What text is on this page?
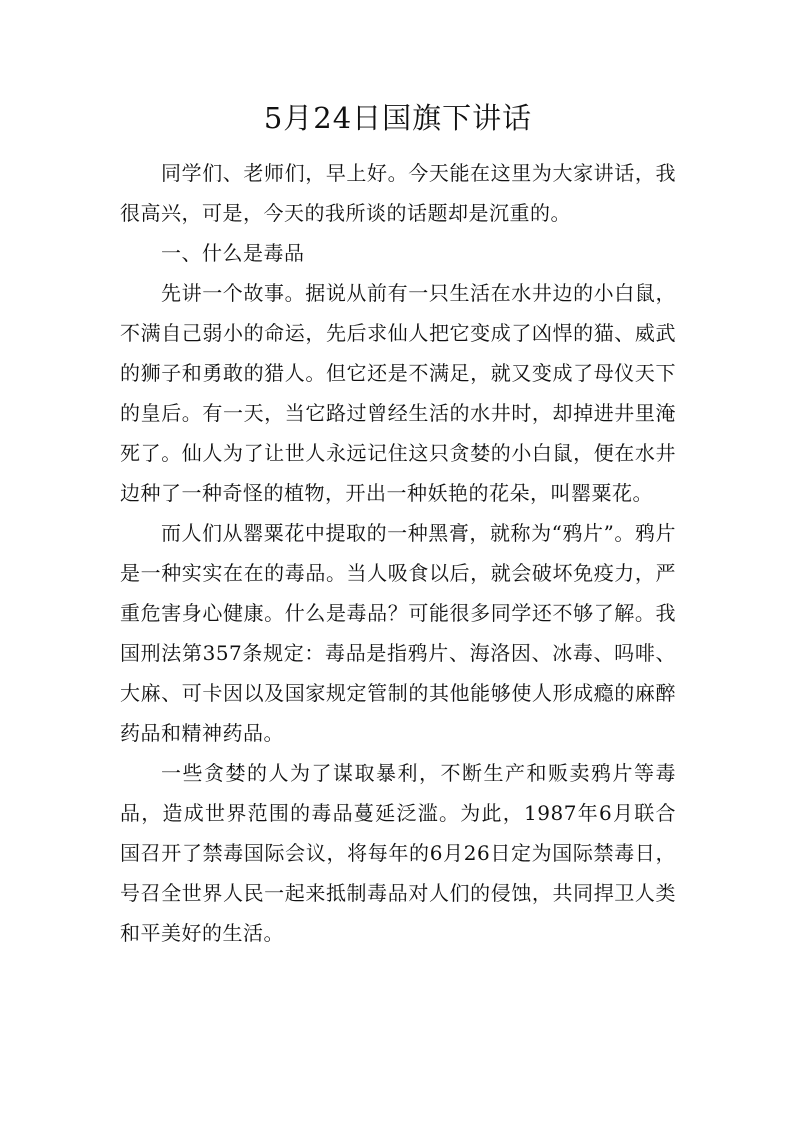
5月24日国旗下讲话

同学们、老师们，早上好。今天能在这里为大家讲话，我很高兴，可是，今天的我所谈的话题却是沉重的。

一、什么是毒品

先讲一个故事。据说从前有一只生活在水井边的小白鼠，不满自己弱小的命运，先后求仙人把它变成了凶悍的猫、威武的狮子和勇敢的猎人。但它还是不满足，就又变成了母仪天下的皇后。有一天，当它路过曾经生活的水井时，却掉进井里淹死了。仙人为了让世人永远记住这只贪婪的小白鼠，便在水井边种了一种奇怪的植物，开出一种妖艳的花朵，叫罂粟花。

而人们从罂粟花中提取的一种黑膏，就称为“鸦片”。鸦片是一种实实在在的毒品。当人吸食以后，就会破坏免疫力，严重危害身心健康。什么是毒品？可能很多同学还不够了解。我国刑法第357条规定：毒品是指鸦片、海洛因、冰毒、吗啡、大麻、可卡因以及国家规定管制的其他能够使人形成瘾的麻醉药品和精神药品。

一些贪婪的人为了谋取暴利，不断生产和贩卖鸦片等毒品，造成世界范围的毒品蔓延泛滥。为此，1987年6月联合国召开了禁毒国际会议，将每年的6月26日定为国际禁毒日，号召全世界人民一起来抵制毒品对人们的侵蚀，共同捍卫人类和平美好的生活。
